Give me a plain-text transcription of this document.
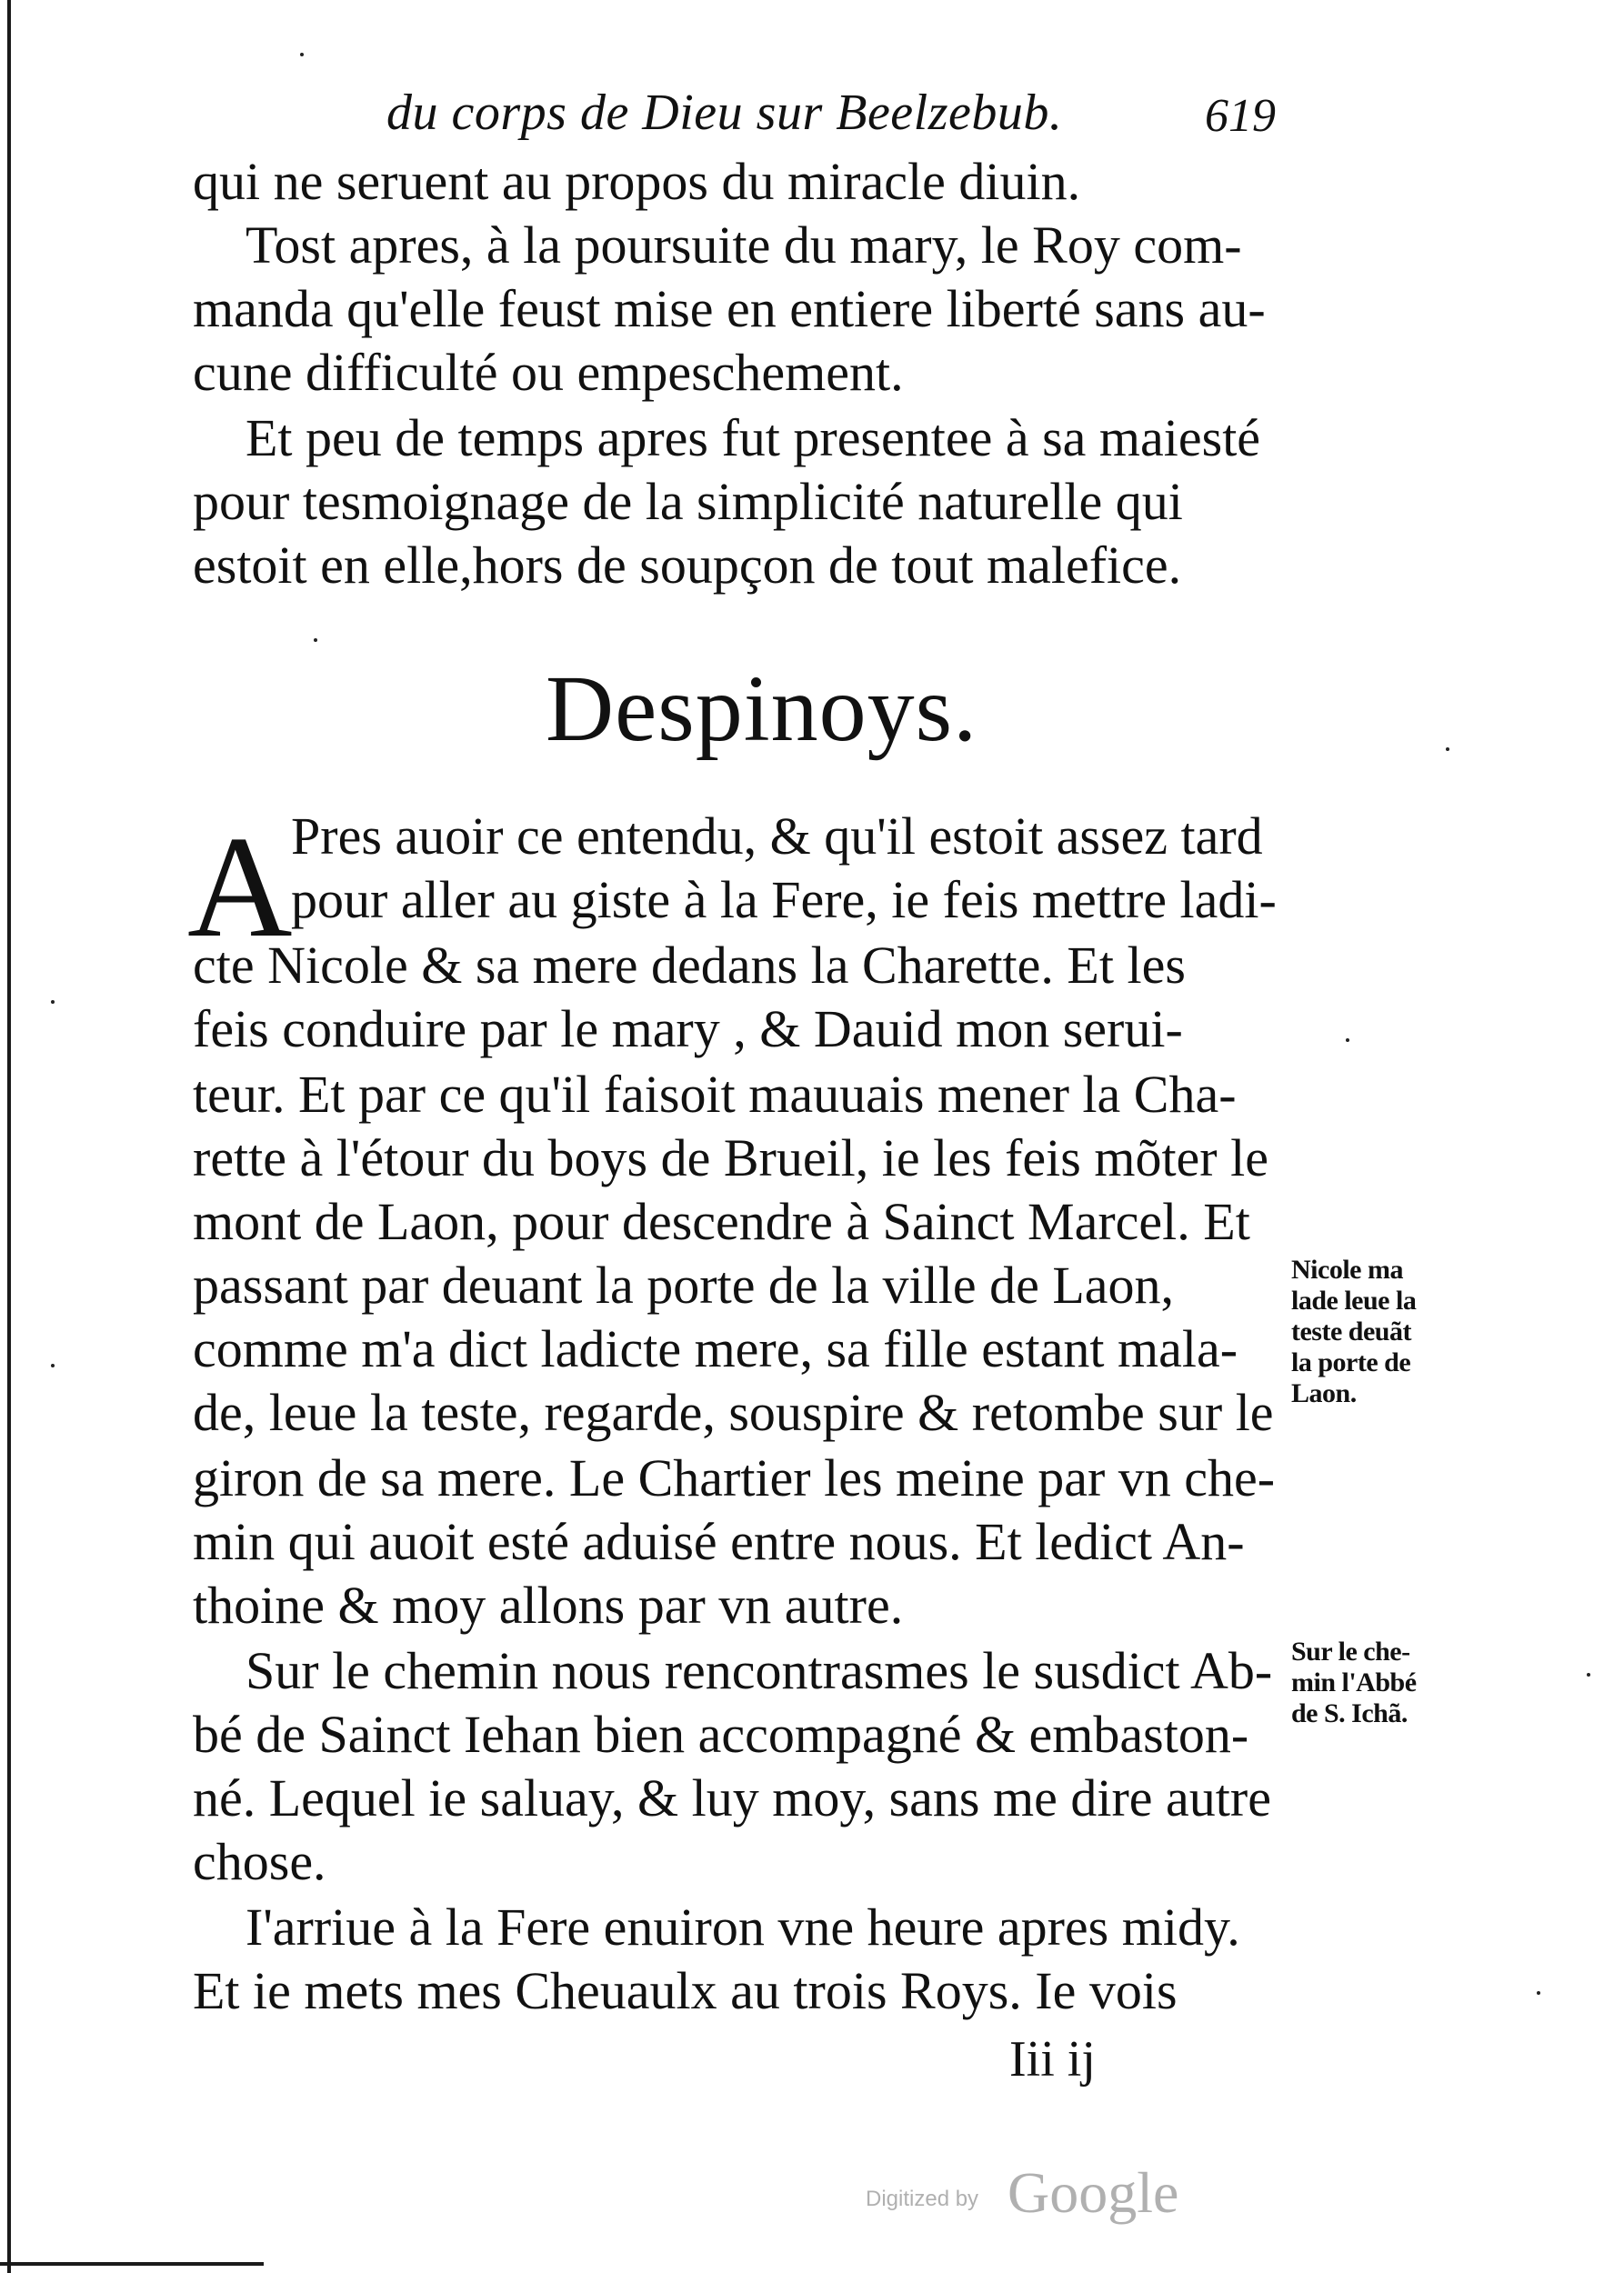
du corps de Dieu sur Beelzebub.	619
qui ne seruent au propos du miracle diuin.
Tost apres, à la poursuite du mary, le Roy com-
manda qu'elle feust mise en entiere liberté sans au-
cune difficulté ou empeschement.
Et peu de temps apres fut presentee à sa maiesté
pour tesmoignage de la simplicité naturelle qui
estoit en elle,hors de soupçon de tout malefice.
Despinoys.
A
Pres auoir ce entendu, & qu'il estoit assez tard
pour aller au giste à la Fere, ie feis mettre ladi-
cte Nicole & sa mere dedans la Charette. Et les
feis conduire par le mary , & Dauid mon serui-
teur. Et par ce qu'il faisoit mauuais mener la Cha-
rette à l'étour du boys de Brueil, ie les feis mõter le
mont de Laon, pour descendre à Sainct Marcel. Et
passant par deuant la porte de la ville de Laon,
comme m'a dict ladicte mere, sa fille estant mala-
de, leue la teste, regarde, souspire & retombe sur le
giron de sa mere. Le Chartier les meine par vn che-
min qui auoit esté aduisé entre nous. Et ledict An-
thoine & moy allons par vn autre.
Sur le chemin nous rencontrasmes le susdict Ab-
bé de Sainct Iehan bien accompagné & embaston-
né. Lequel ie saluay, & luy moy, sans me dire autre
chose.
I'arriue à la Fere enuiron vne heure apres midy.
Et ie mets mes Cheuaulx au trois Roys. Ie vois
Nicole ma
lade leue la
teste deuãt
la porte de
Laon.
Sur le che-
min l'Abbé
de S. Ichã.
Iii ij
Digitized by Google
